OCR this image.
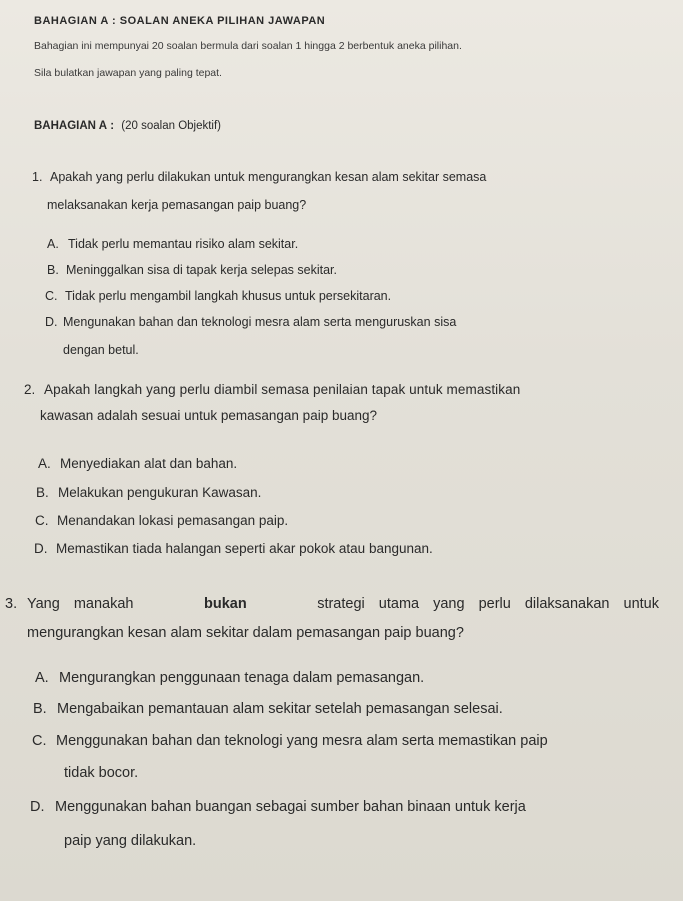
BAHAGIAN A : SOALAN ANEKA PILIHAN JAWAPAN
Bahagian ini mempunyai 20 soalan bermula dari soalan 1 hingga 2 berbentuk aneka pilihan.
Sila bulatkan jawapan yang paling tepat.
BAHAGIAN A : (20 soalan Objektif)
1. Apakah yang perlu dilakukan untuk mengurangkan kesan alam sekitar semasa
melaksanakan kerja pemasangan paip buang?
A. Tidak perlu memantau risiko alam sekitar.
B. Meninggalkan sisa di tapak kerja selepas sekitar.
C. Tidak perlu mengambil langkah khusus untuk persekitaran.
D. Mengunakan bahan dan teknologi mesra alam serta menguruskan sisa
dengan betul.
2. Apakah langkah yang perlu diambil semasa penilaian tapak untuk memastikan
kawasan adalah sesuai untuk pemasangan paip buang?
A. Menyediakan alat dan bahan.
B. Melakukan pengukuran Kawasan.
C. Menandakan lokasi pemasangan paip.
D. Memastikan tiada halangan seperti akar pokok atau bangunan.
3. Yang manakah	bukan	strategi utama yang perlu dilaksanakan untuk
mengurangkan kesan alam sekitar dalam pemasangan paip buang?
A. Mengurangkan penggunaan tenaga dalam pemasangan.
B. Mengabaikan pemantauan alam sekitar setelah pemasangan selesai.
C. Menggunakan bahan dan teknologi yang mesra alam serta memastikan paip
tidak bocor.
D. Menggunakan bahan buangan sebagai sumber bahan binaan untuk kerja
paip yang dilakukan.
